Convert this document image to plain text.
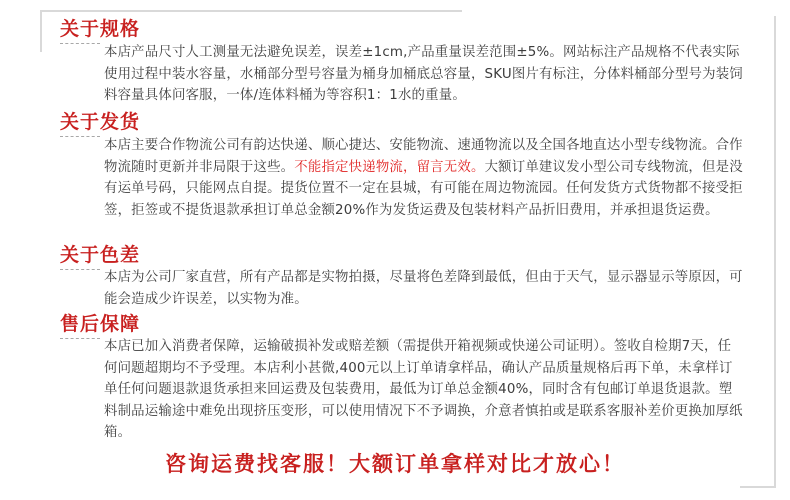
关于规格

本店产品尺寸人工测量无法避免误差，误差±1cm,产品重量误差范围±5%。网站标注产品规格不代表实际使用过程中装水容量，水桶部分型号容量为桶身加桶底总容量，SKU图片有标注，分体料桶部分型号为装饲料容量具体问客服，一体/连体料桶为等容积1：1水的重量。

关于发货

本店主要合作物流公司有韵达快递、顺心捷达、安能物流、速通物流以及全国各地直达小型专线物流。合作物流随时更新并非局限于这些。不能指定快递物流，留言无效。大额订单建议发小型公司专线物流，但是没有运单号码，只能网点自提。提货位置不一定在县城，有可能在周边物流园。任何发货方式货物都不接受拒签，拒签或不提货退款承担订单总金额20%作为发货运费及包装材料产品折旧费用，并承担退货运费。

关于色差

本店为公司厂家直营，所有产品都是实物拍摄，尽量将色差降到最低，但由于天气，显示器显示等原因，可能会造成少许误差，以实物为准。

售后保障

本店已加入消费者保障，运输破损补发或赔差额（需提供开箱视频或快递公司证明）。签收自检期7天，任何问题超期均不予受理。本店利小甚微,400元以上订单请拿样品，确认产品质量规格后再下单，未拿样订单任何问题退款退货承担来回运费及包装费用，最低为订单总金额40%，同时含有包邮订单退货退款。塑料制品运输途中难免出现挤压变形，可以使用情况下不予调换，介意者慎拍或是联系客服补差价更换加厚纸箱。

咨询运费找客服！大额订单拿样对比才放心！
